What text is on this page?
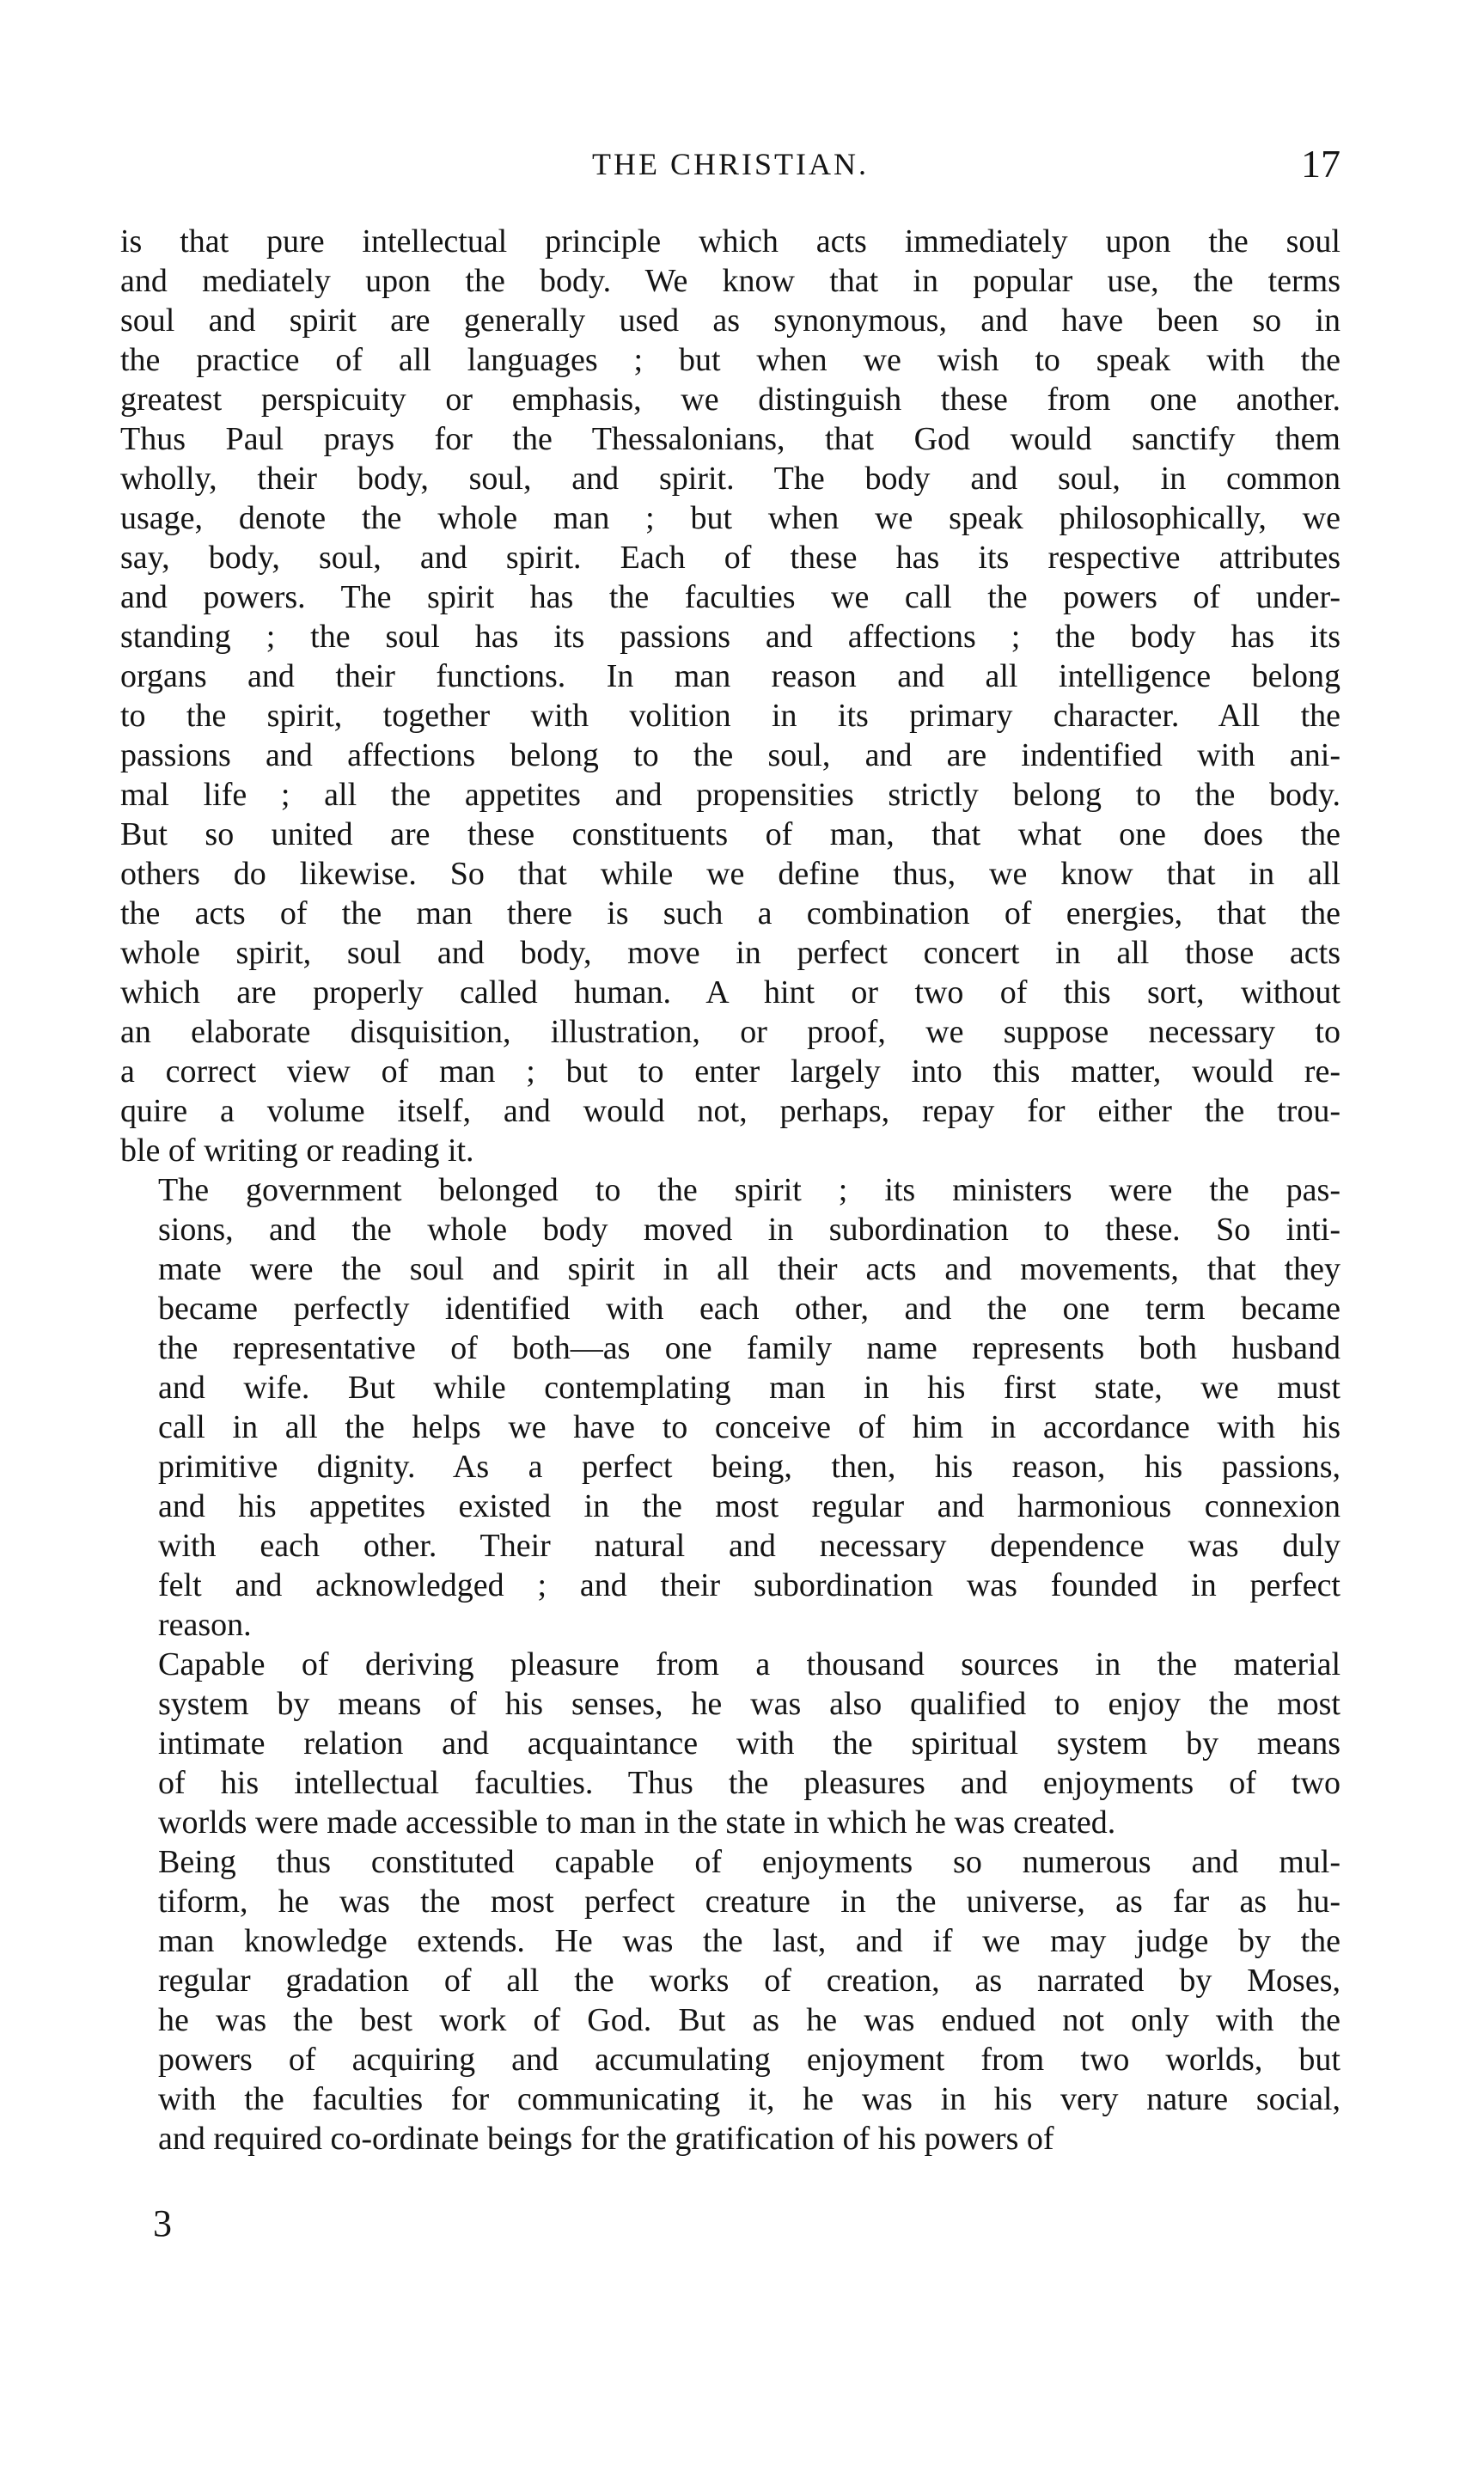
THE CHRISTIAN.	17

is that pure intellectual principle which acts immediately upon the soul
and mediately upon the body. We know that in popular use, the terms
soul and spirit are generally used as synonymous, and have been so in
the practice of all languages ; but when we wish to speak with the
greatest perspicuity or emphasis, we distinguish these from one another.
Thus Paul prays for the Thessalonians, that God would sanctify them
wholly, their body, soul, and spirit. The body and soul, in common
usage, denote the whole man ; but when we speak philosophically, we
say, body, soul, and spirit. Each of these has its respective attributes
and powers. The spirit has the faculties we call the powers of under-
standing ; the soul has its passions and affections ; the body has its
organs and their functions. In man reason and all intelligence belong
to the spirit, together with volition in its primary character. All the
passions and affections belong to the soul, and are indentified with ani-
mal life ; all the appetites and propensities strictly belong to the body.
But so united are these constituents of man, that what one does the
others do likewise. So that while we define thus, we know that in all
the acts of the man there is such a combination of energies, that the
whole spirit, soul and body, move in perfect concert in all those acts
which are properly called human. A hint or two of this sort, without
an elaborate disquisition, illustration, or proof, we suppose necessary to
a correct view of man ; but to enter largely into this matter, would re-
quire a volume itself, and would not, perhaps, repay for either the trou-
ble of writing or reading it.

The government belonged to the spirit ; its ministers were the pas-
sions, and the whole body moved in subordination to these. So inti-
mate were the soul and spirit in all their acts and movements, that they
became perfectly identified with each other, and the one term became
the representative of both—as one family name represents both husband
and wife. But while contemplating man in his first state, we must
call in all the helps we have to conceive of him in accordance with his
primitive dignity. As a perfect being, then, his reason, his passions,
and his appetites existed in the most regular and harmonious connexion
with each other. Their natural and necessary dependence was duly
felt and acknowledged ; and their subordination was founded in perfect
reason.

Capable of deriving pleasure from a thousand sources in the material
system by means of his senses, he was also qualified to enjoy the most
intimate relation and acquaintance with the spiritual system by means
of his intellectual faculties. Thus the pleasures and enjoyments of two
worlds were made accessible to man in the state in which he was created.

Being thus constituted capable of enjoyments so numerous and mul-
tiform, he was the most perfect creature in the universe, as far as hu-
man knowledge extends. He was the last, and if we may judge by the
regular gradation of all the works of creation, as narrated by Moses,
he was the best work of God. But as he was endued not only with the
powers of acquiring and accumulating enjoyment from two worlds, but
with the faculties for communicating it, he was in his very nature social,
and required co-ordinate beings for the gratification of his powers of

3
